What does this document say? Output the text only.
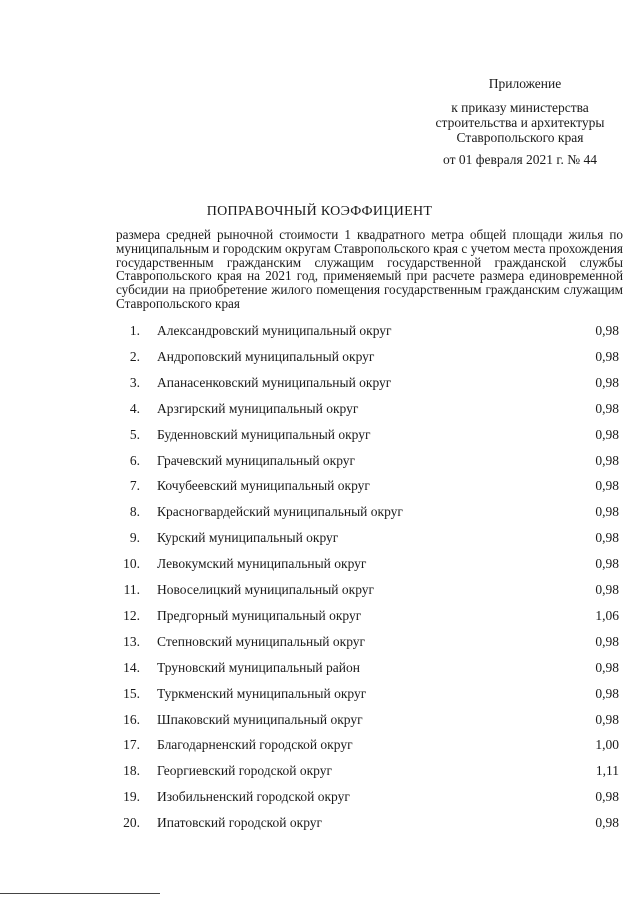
Приложение
к приказу министерства
строительства и архитектуры
Ставропольского края
от 01 февраля 2021 г. № 44
ПОПРАВОЧНЫЙ КОЭФФИЦИЕНТ
размера средней рыночной стоимости 1 квадратного метра общей площади жилья по муниципальным и городским округам Ставропольского края с учетом места прохождения государственным гражданским служащим государственной гражданской службы Ставропольского края на 2021 год, применяемый при расчете размера единовременной субсидии на приобретение жилого помещения государственным гражданским служащим Ставропольского края
1. Александровский муниципальный округ	0,98
2. Андроповский муниципальный округ	0,98
3. Апанасенковский муниципальный округ	0,98
4. Арзгирский муниципальный округ	0,98
5. Буденновский муниципальный округ	0,98
6. Грачевский муниципальный округ	0,98
7. Кочубеевский муниципальный округ	0,98
8. Красногвардейский муниципальный округ	0,98
9. Курский муниципальный округ	0,98
10. Левокумский муниципальный округ	0,98
11. Новоселицкий муниципальный округ	0,98
12. Предгорный муниципальный округ	1,06
13. Степновский муниципальный округ	0,98
14. Труновский муниципальный район	0,98
15. Туркменский муниципальный округ	0,98
16. Шпаковский муниципальный округ	0,98
17. Благодарненский городской округ	1,00
18. Георгиевский городской округ	1,11
19. Изобильненский городской округ	0,98
20. Ипатовский городской округ	0,98
